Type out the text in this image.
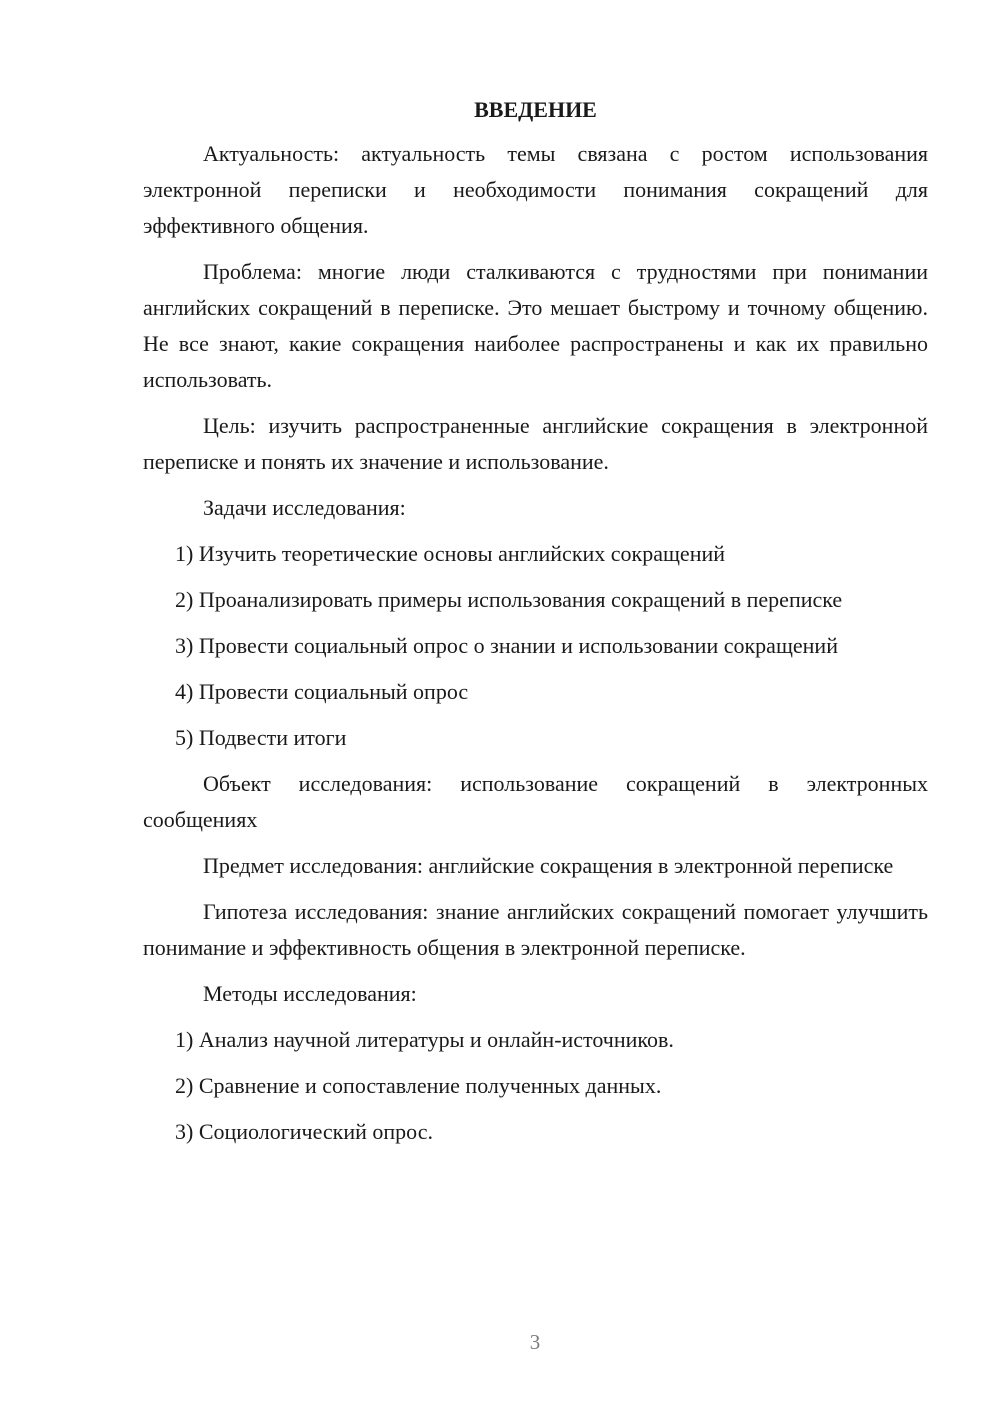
ВВЕДЕНИЕ

Актуальность: актуальность темы связана с ростом использования электронной переписки и необходимости понимания сокращений для эффективного общения.

Проблема: многие люди сталкиваются с трудностями при понимании английских сокращений в переписке. Это мешает быстрому и точному общению. Не все знают, какие сокращения наиболее распространены и как их правильно использовать.

Цель: изучить распространенные английские сокращения в электронной переписке и понять их значение и использование.

Задачи исследования:

1) Изучить теоретические основы английских сокращений

2) Проанализировать примеры использования сокращений в переписке

3) Провести социальный опрос о знании и использовании сокращений

4) Провести социальный опрос

5) Подвести итоги

Объект исследования: использование сокращений в электронных сообщениях

Предмет исследования: английские сокращения в электронной переписке

Гипотеза исследования: знание английских сокращений помогает улучшить понимание и эффективность общения в электронной переписке.

Методы исследования:

1) Анализ научной литературы и онлайн-источников.

2) Сравнение и сопоставление полученных данных.

3) Социологический опрос.

3
